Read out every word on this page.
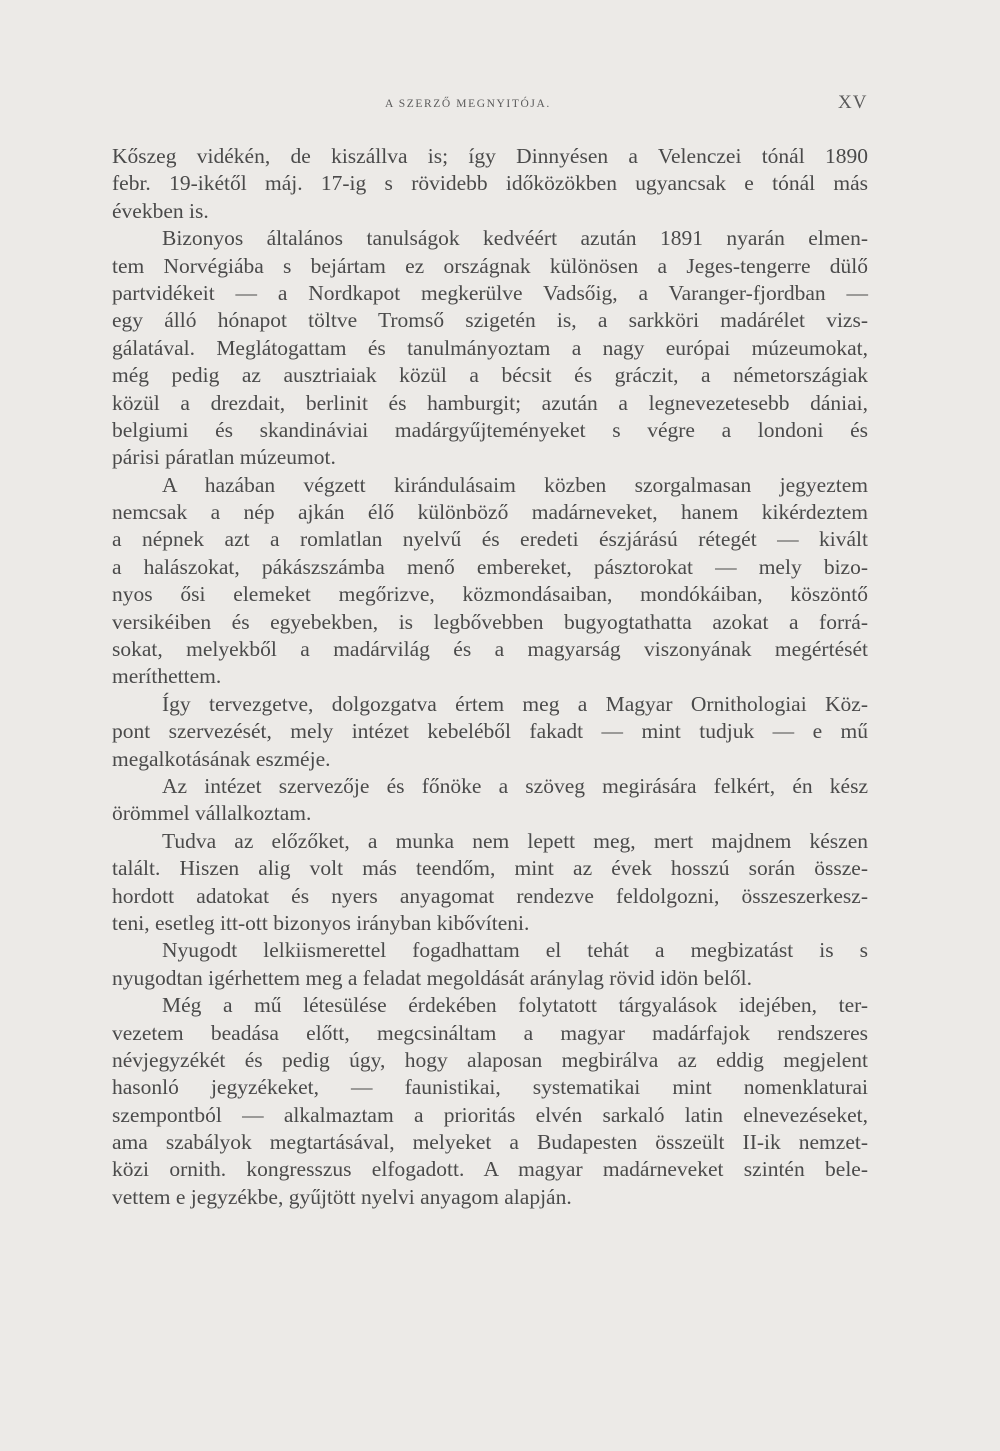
A SZERZŐ MEGNYITÓJA.	XV
Kőszeg vidékén, de kiszállva is; így Dinnyésen a Velenczei tónál 1890
febr. 19-ikétől máj. 17-ig s rövidebb időközökben ugyancsak e tónál más
években is.
Bizonyos általános tanulságok kedvéért azután 1891 nyarán elmen-
tem Norvégiába s bejártam ez országnak különösen a Jeges-tengerre dülő
partvidékeit — a Nordkapot megkerülve Vadsőig, a Varanger-fjordban —
egy álló hónapot töltve Tromső szigetén is, a sarkköri madárélet vizs-
gálatával. Meglátogattam és tanulmányoztam a nagy európai múzeumokat,
még pedig az ausztriaiak közül a bécsit és gráczit, a németországiak
közül a drezdait, berlinit és hamburgit; azután a legnevezetesebb dániai,
belgiumi és skandináviai madárgyűjteményeket s végre a londoni és
párisi páratlan múzeumot.
A hazában végzett kirándulásaim közben szorgalmasan jegyeztem
nemcsak a nép ajkán élő különböző madárneveket, hanem kikérdeztem
a népnek azt a romlatlan nyelvű és eredeti észjárású rétegét — kivált
a halászokat, pákászszámba menő embereket, pásztorokat — mely bizo-
nyos ősi elemeket megőrizve, közmondásaiban, mondókáiban, köszöntő
versikéiben és egyebekben, is legbővebben bugyogtathatta azokat a forrá-
sokat, melyekből a madárvilág és a magyarság viszonyának megértését
meríthettem.
Így tervezgetve, dolgozgatva értem meg a Magyar Ornithologiai Köz-
pont szervezését, mely intézet kebeléből fakadt — mint tudjuk — e mű
megalkotásának eszméje.
Az intézet szervezője és főnöke a szöveg megirására felkért, én kész
örömmel vállalkoztam.
Tudva az előzőket, a munka nem lepett meg, mert majdnem készen
talált. Hiszen alig volt más teendőm, mint az évek hosszú során össze-
hordott adatokat és nyers anyagomat rendezve feldolgozni, összeszerkesz-
teni, esetleg itt-ott bizonyos irányban kibővíteni.
Nyugodt lelkiismerettel fogadhattam el tehát a megbizatást is s
nyugodtan igérhettem meg a feladat megoldását aránylag rövid idön belől.
Még a mű létesülése érdekében folytatott tárgyalások idejében, ter-
vezetem beadása előtt, megcsináltam a magyar madárfajok rendszeres
névjegyzékét és pedig úgy, hogy alaposan megbirálva az eddig megjelent
hasonló jegyzékeket, — faunistikai, systematikai mint nomenklaturai
szempontból — alkalmaztam a prioritás elvén sarkaló latin elnevezéseket,
ama szabályok megtartásával, melyeket a Budapesten összeült II-ik nemzet-
közi ornith. kongresszus elfogadott. A magyar madárneveket szintén bele-
vettem e jegyzékbe, gyűjtött nyelvi anyagom alapján.
